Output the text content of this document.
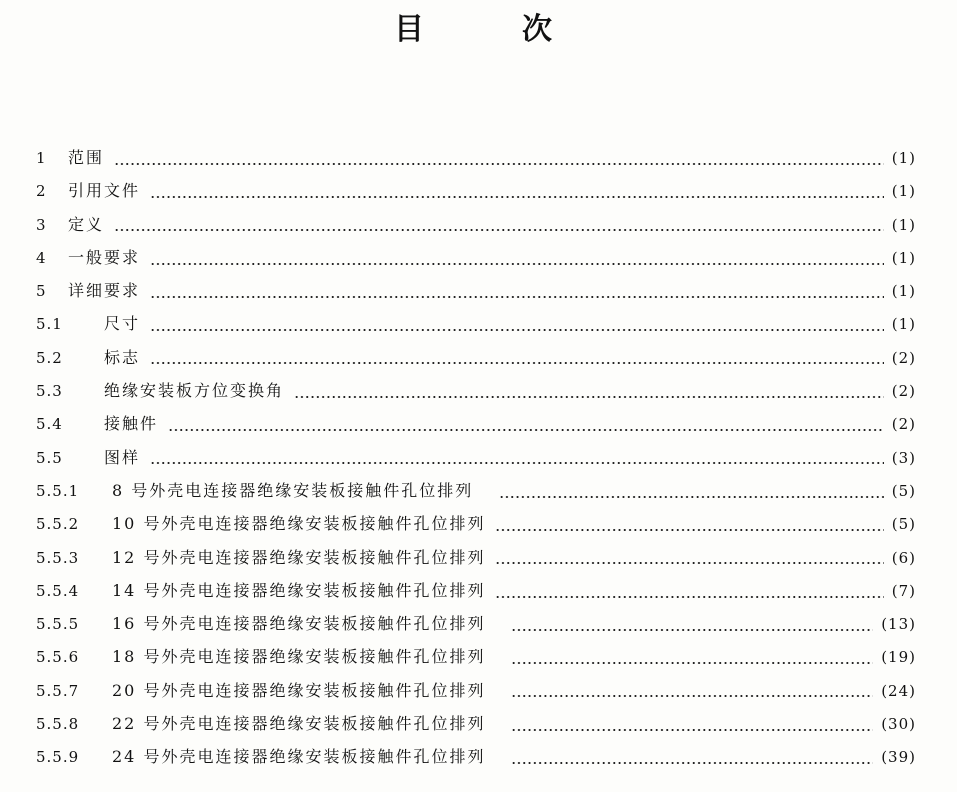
目	次
1	范围	(1)
2	引用文件	(1)
3	定义	(1)
4	一般要求	(1)
5	详细要求	(1)
5.1	尺寸	(1)
5.2	标志	(2)
5.3	绝缘安装板方位变换角	(2)
5.4	接触件	(2)
5.5	图样	(3)
5.5.1	8 号外壳电连接器绝缘安装板接触件孔位排列	(5)
5.5.2	10 号外壳电连接器绝缘安装板接触件孔位排列	(5)
5.5.3	12 号外壳电连接器绝缘安装板接触件孔位排列	(6)
5.5.4	14 号外壳电连接器绝缘安装板接触件孔位排列	(7)
5.5.5	16 号外壳电连接器绝缘安装板接触件孔位排列	(13)
5.5.6	18 号外壳电连接器绝缘安装板接触件孔位排列	(19)
5.5.7	20 号外壳电连接器绝缘安装板接触件孔位排列	(24)
5.5.8	22 号外壳电连接器绝缘安装板接触件孔位排列	(30)
5.5.9	24 号外壳电连接器绝缘安装板接触件孔位排列	(39)
